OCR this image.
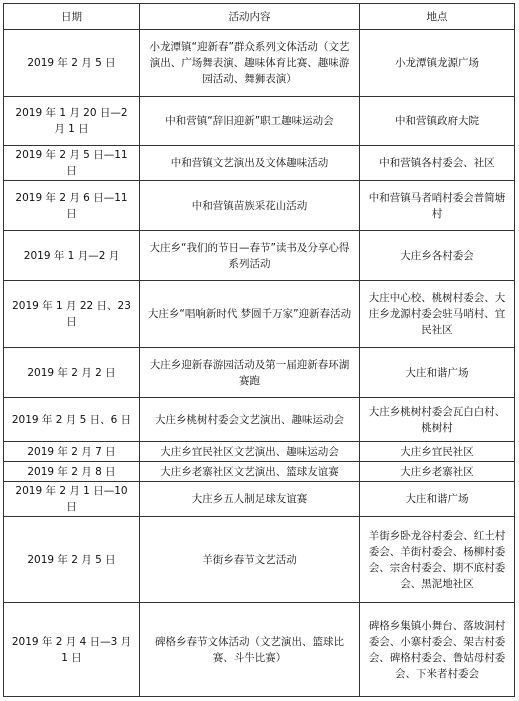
日期	活动内容	地点
2019 年 2 月 5 日	小龙潭镇“迎新春”群众系列文体活动（文艺演出、广场舞表演、趣味体育比赛、趣味游园活动、舞狮表演）	小龙潭镇龙源广场
2019 年 1 月 20 日—2 月 1 日	中和营镇“辞旧迎新”职工趣味运动会	中和营镇政府大院
2019 年 2 月 5 日—11 日	中和营镇文艺演出及文体趣味活动	中和营镇各村委会、社区
2019 年 2 月 6 日—11 日	中和营镇苗族采花山活动	中和营镇马者哨村委会普简塘村
2019 年 1 月—2 月	大庄乡“我们的节日—春节”读书及分享心得系列活动	大庄乡各村委会
2019 年 1 月 22 日、23 日	大庄乡“唱响新时代 梦圆千万家”迎新春活动	大庄中心校、桃树村委会、大庄乡龙源村委会驻马哨村、宜民社区
2019 年 2 月 2 日	大庄乡迎新春游园活动及第一届迎新春环湖赛跑	大庄和谐广场
2019 年 2 月 5 日、6 日	大庄乡桃树村委会文艺演出、趣味运动会	大庄乡桃树村委会瓦白白村、桃树村
2019 年 2 月 7 日	大庄乡宜民社区文艺演出、趣味运动会	大庄乡宜民社区
2019 年 2 月 8 日	大庄乡老寨社区文艺演出、篮球友谊赛	大庄乡老寨社区
2019 年 2 月 1 日—10 日	大庄乡五人制足球友谊赛	大庄和谐广场
2019 年 2 月 5 日	羊街乡春节文艺活动	羊街乡卧龙谷村委会、红土村委会、羊街村委会、杨柳村委会、宗舍村委会、期不底村委会、黑泥地社区
2019 年 2 月 4 日—3 月 1 日	碑格乡春节文体活动（文艺演出、篮球比赛、斗牛比赛）	碑格乡集镇小舞台、落坡洞村委会、小寨村委会、架吉村委会、碑格村委会、鲁姑母村委会、下米者村委会
